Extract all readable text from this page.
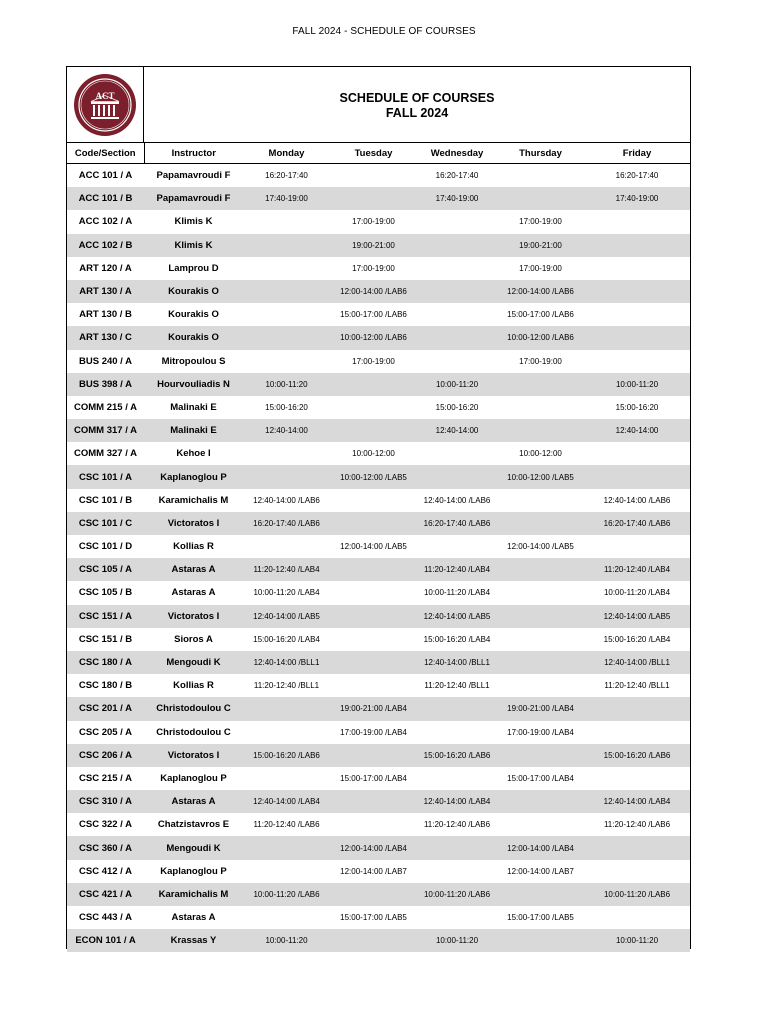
FALL 2024 - SCHEDULE OF COURSES
ACT	SCHEDULE OF COURSES
FALL 2024
Code/Section	Instructor	Monday	Tuesday	Wednesday	Thursday	Friday
ACC 101 / A	Papamavroudi F	16:20-17:40		16:20-17:40		16:20-17:40
ACC 101 / B	Papamavroudi F	17:40-19:00		17:40-19:00		17:40-19:00
ACC 102 / A	Klimis K		17:00-19:00		17:00-19:00	
ACC 102 / B	Klimis K		19:00-21:00		19:00-21:00	
ART 120 / A	Lamprou D		17:00-19:00		17:00-19:00	
ART 130 / A	Kourakis O		12:00-14:00 /LAB6		12:00-14:00 /LAB6	
ART 130 / B	Kourakis O		15:00-17:00 /LAB6		15:00-17:00 /LAB6	
ART 130 / C	Kourakis O		10:00-12:00 /LAB6		10:00-12:00 /LAB6	
BUS 240 / A	Mitropoulou S		17:00-19:00		17:00-19:00	
BUS 398 / A	Hourvouliadis N	10:00-11:20		10:00-11:20		10:00-11:20
COMM 215 / A	Malinaki E	15:00-16:20		15:00-16:20		15:00-16:20
COMM 317 / A	Malinaki E	12:40-14:00		12:40-14:00		12:40-14:00
COMM 327 / A	Kehoe I		10:00-12:00		10:00-12:00	
CSC 101 / A	Kaplanoglou P		10:00-12:00 /LAB5		10:00-12:00 /LAB5	
CSC 101 / B	Karamichalis M	12:40-14:00 /LAB6		12:40-14:00 /LAB6		12:40-14:00 /LAB6
CSC 101 / C	Victoratos I	16:20-17:40 /LAB6		16:20-17:40 /LAB6		16:20-17:40 /LAB6
CSC 101 / D	Kollias R		12:00-14:00 /LAB5		12:00-14:00 /LAB5	
CSC 105 / A	Astaras A	11:20-12:40 /LAB4		11:20-12:40 /LAB4		11:20-12:40 /LAB4
CSC 105 / B	Astaras A	10:00-11:20 /LAB4		10:00-11:20 /LAB4		10:00-11:20 /LAB4
CSC 151 / A	Victoratos I	12:40-14:00 /LAB5		12:40-14:00 /LAB5		12:40-14:00 /LAB5
CSC 151 / B	Sioros A	15:00-16:20 /LAB4		15:00-16:20 /LAB4		15:00-16:20 /LAB4
CSC 180 / A	Mengoudi K	12:40-14:00 /BLL1		12:40-14:00 /BLL1		12:40-14:00 /BLL1
CSC 180 / B	Kollias R	11:20-12:40 /BLL1		11:20-12:40 /BLL1		11:20-12:40 /BLL1
CSC 201 / A	Christodoulou C		19:00-21:00 /LAB4		19:00-21:00 /LAB4	
CSC 205 / A	Christodoulou C		17:00-19:00 /LAB4		17:00-19:00 /LAB4	
CSC 206 / A	Victoratos I	15:00-16:20 /LAB6		15:00-16:20 /LAB6		15:00-16:20 /LAB6
CSC 215 / A	Kaplanoglou P		15:00-17:00 /LAB4		15:00-17:00 /LAB4	
CSC 310 / A	Astaras A	12:40-14:00 /LAB4		12:40-14:00 /LAB4		12:40-14:00 /LAB4
CSC 322 / A	Chatzistavros E	11:20-12:40 /LAB6		11:20-12:40 /LAB6		11:20-12:40 /LAB6
CSC 360 / A	Mengoudi K		12:00-14:00 /LAB4		12:00-14:00 /LAB4	
CSC 412 / A	Kaplanoglou P		12:00-14:00 /LAB7		12:00-14:00 /LAB7	
CSC 421 / A	Karamichalis M	10:00-11:20 /LAB6		10:00-11:20 /LAB6		10:00-11:20 /LAB6
CSC 443 / A	Astaras A		15:00-17:00 /LAB5		15:00-17:00 /LAB5	
ECON 101 / A	Krassas Y	10:00-11:20		10:00-11:20		10:00-11:20
